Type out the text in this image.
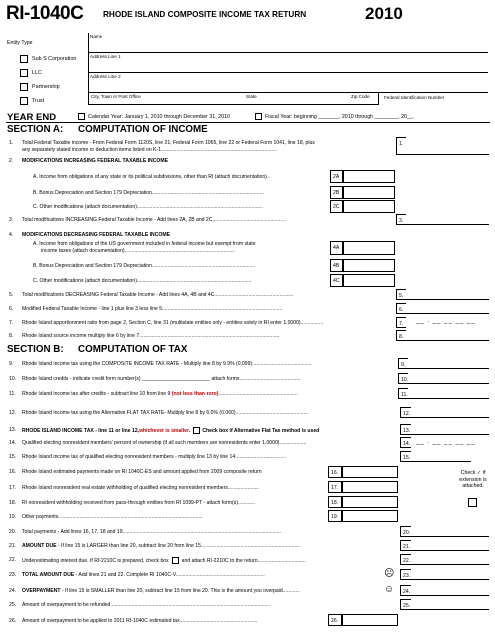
RI-1040C RHODE ISLAND COMPOSITE INCOME TAX RETURN	2010
Entity Type
Sub S Corporation
LLC
Partnership
Trust
Name
Address Line 1
Address Line 2
City, Town or Post Office	State	Zip Code	Federal Identification Number
YEAR END	Calendar Year: January 1, 2010 through December 31, 2010	Fiscal Year: beginning _______, 2010 through ________, 20__.
SECTION A: COMPUTATION OF INCOME
1. Total Federal Taxable income - From Federal Form 1120S, line 21; Federal Form 1065, line 22 or Federal Form 1041, line 18, plus
any separately stated income or deduction items listed on K-1..................................................................................
1.
2. MODIFICATIONS INCREASING FEDERAL TAXABLE INCOME
A. Income from obligations of any state or its political subdivisions, other than RI (attach documentation)..	2A
B. Bonus Depreciation and Section 179 Depreciation...............................................................................	2B
C. Other modifications (attach documentation).........................................................................................	2C
3. Total modifications INCREASING Federal Taxable Income - Add lines 2A, 2B and 2C....................................................	3.
4. MODIFICATIONS DECREASING FEDERAL TAXABLE INCOME
A. Income from obligations of the US government included in federal income but exempt from state
income taxes (attach documentation)..............................................................................	4A
B. Bonus Depreciation and Section 179 Depreciation.........................................................................	4B
C. Other modifications (attach documentation).................................................................................	4C
5. Total modifications DECREASING Federal Taxable Income - Add lines 4A, 4B and 4C........................................................	5.
6. Modified Federal Taxable Income - line 1 plus line 3 less line 5.....................................................................................	6.
7. Rhode Island apportionment ratio from page 2, Section C, line 31 (multistate entities only - entities solely in RI enter 1.0000)................	7.	__ . __ __ __ __
8. Rhode Island source income multiply line 6 by line 7...................................................................................................	8.
SECTION B: COMPUTATION OF TAX
9. Rhode Island income tax using the COMPOSITE INCOME TAX RATE - Multiply line 8 by 9.9% (0.099)..........................................	9.
10. Rhode Island credits - indicate credit form number(s) ________________________ attach forms...........................................	10.
11. Rhode Island income tax after credits - subtract line 10 from line 9 (not less than zero)........................................................	11.
12. Rhode Island income tax using the Alternative FLAT TAX RATE- Multiply line 8 by 6.0% (0.060)...................................................	12.
13. RHODE ISLAND INCOME TAX - line 11 or line 12, whichever is smaller . Check box if Alternative Flat Tax method is used	13.
14. Qualified electing nonresident members' percent of ownership (if all such members are nonresidents enter 1.0000)...................	14. __ . __ __ __ __
15. Rhode Island income tax of qualified electing nonresident members - multiply line 13 by line 14....................................	15.
16. Rhode Island estimated payments made on RI 1040C-ES and amount applied from 2009 composite return	16.
17. Rhode Island nonresident real estate withholding of qualified electing nonresident members......................	17.
18. RI nonresident withholding received from pass-through entities from RI 1099-PT - attach form(s)............	18.
19. Other payments......................................................................................................	19.
Check ✓ if extension is attached.
20. Total payments - Add lines 16, 17, 18 and 19................................................................................................................	20.
21. AMOUNT DUE - If line 15 is LARGER than line 20, subtract line 20 from line 15......................................................................	21.
22. Underestimating interest due. If RI-2210C is prepared, check box	and attach RI-2210C to the return..................................	22.
23. TOTAL AMOUNT DUE - Add lines 21 and 22. Complete RI 1040C-V...............................................................	☹	23.
24. OVERPAYMENT - If line 15 is SMALLER than line 20, subtract line 15 from line 20. This is the amount you overpaid............	☺	24.
25. Amount of overpayment to be refunded.................................................................................................................	25.
26. Amount of overpayment to be applied to 2011 RI-1040C estimated tax.......................................................	26.
